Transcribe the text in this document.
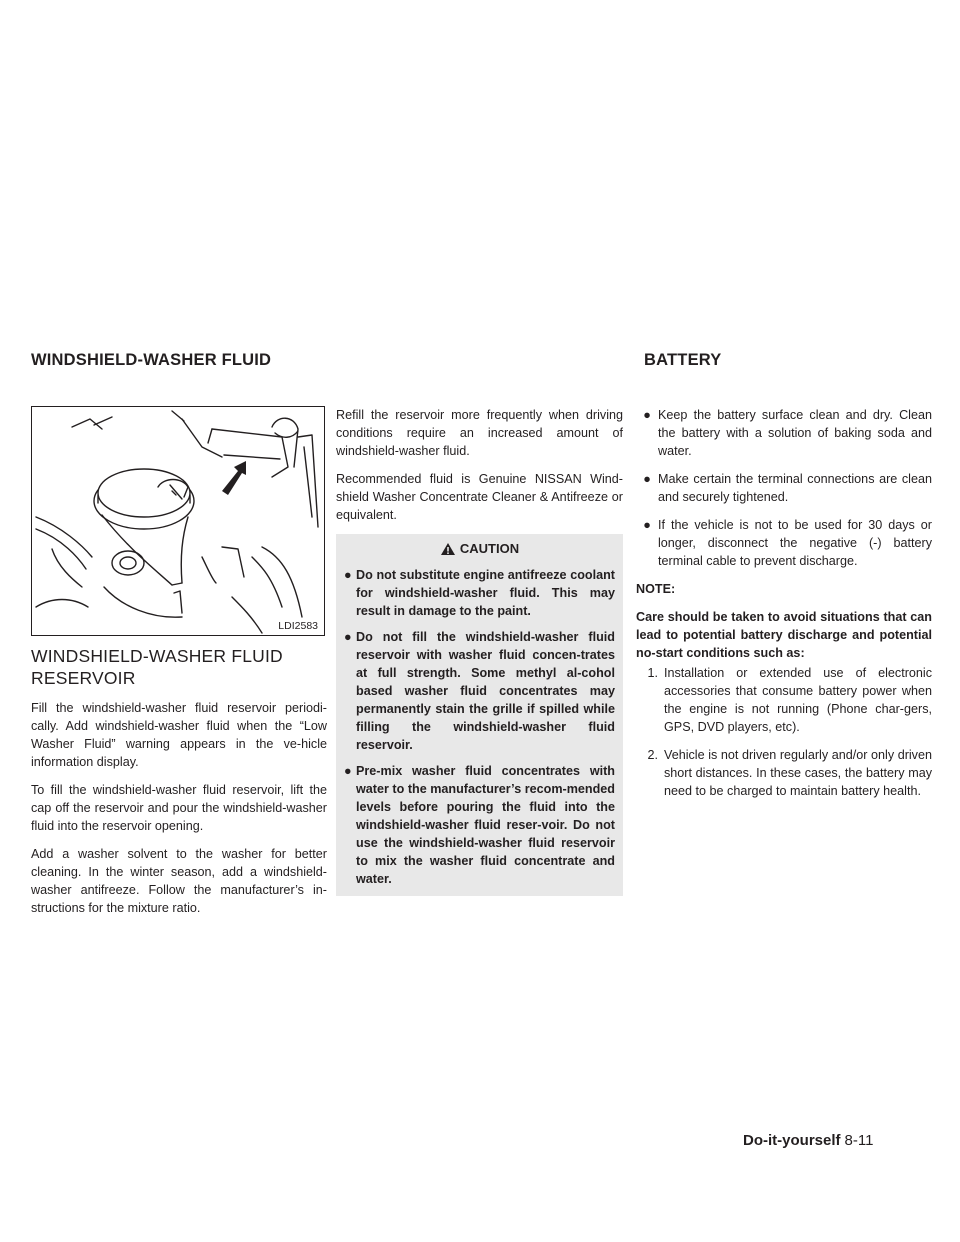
WINDSHIELD-WASHER FLUID	BATTERY
LDI2583
WINDSHIELD-WASHER FLUID RESERVOIR

Fill the windshield-washer fluid reservoir periodi-cally. Add windshield-washer fluid when the “Low Washer Fluid” warning appears in the ve-hicle information display.

To fill the windshield-washer fluid reservoir, lift the cap off the reservoir and pour the windshield-washer fluid into the reservoir opening.

Add a washer solvent to the washer for better cleaning. In the winter season, add a windshield-washer antifreeze. Follow the manufacturer’s in-structions for the mixture ratio.

Refill the reservoir more frequently when driving conditions require an increased amount of windshield-washer fluid.

Recommended fluid is Genuine NISSAN Wind-shield Washer Concentrate Cleaner & Antifreeze or equivalent.

CAUTION
● Do not substitute engine antifreeze coolant for windshield-washer fluid. This may result in damage to the paint.
● Do not fill the windshield-washer fluid reservoir with washer fluid concen-trates at full strength. Some methyl al-cohol based washer fluid concentrates may permanently stain the grille if spilled while filling the windshield-washer fluid reservoir.
● Pre-mix washer fluid concentrates with water to the manufacturer’s recom-mended levels before pouring the fluid into the windshield-washer fluid reser-voir. Do not use the windshield-washer fluid reservoir to mix the washer fluid concentrate and water.
● Keep the battery surface clean and dry. Clean the battery with a solution of baking soda and water.
● Make certain the terminal connections are clean and securely tightened.
● If the vehicle is not to be used for 30 days or longer, disconnect the negative (-) battery terminal cable to prevent discharge.
NOTE:
Care should be taken to avoid situations that can lead to potential battery discharge and potential no-start conditions such as:
1. Installation or extended use of electronic accessories that consume battery power when the engine is not running (Phone char-gers, GPS, DVD players, etc).
2. Vehicle is not driven regularly and/or only driven short distances. In these cases, the battery may need to be charged to maintain battery health.
Do-it-yourself 8-11
